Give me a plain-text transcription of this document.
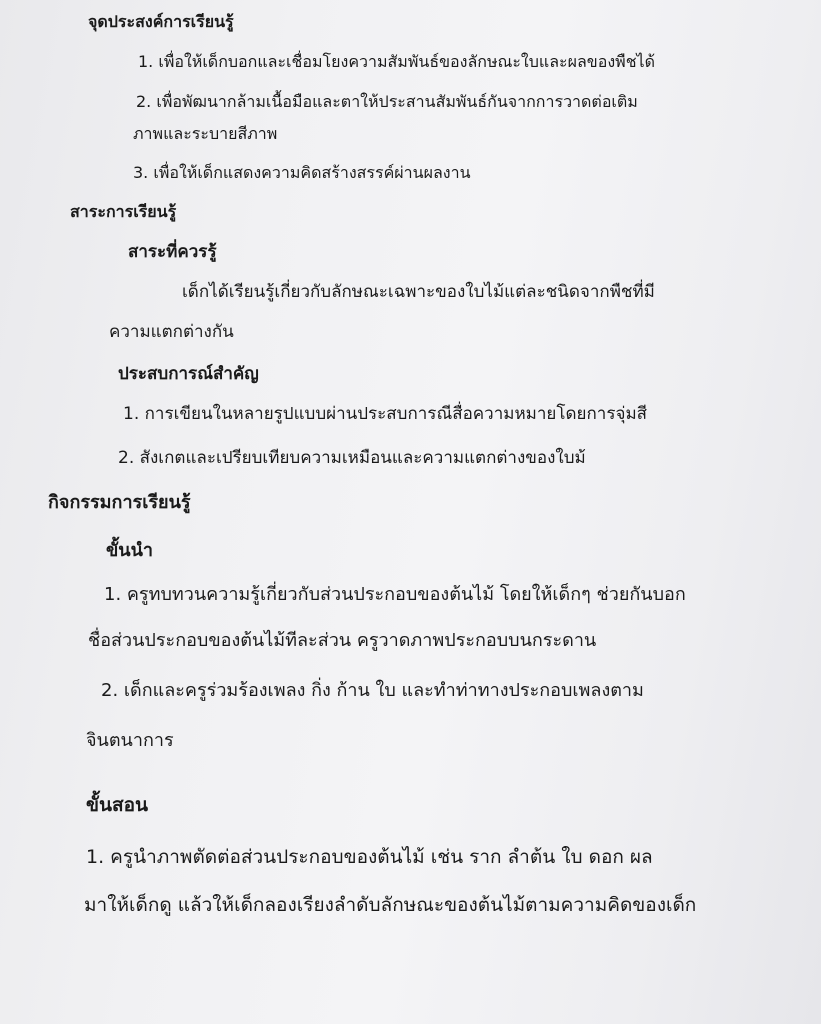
จุดประสงค์การเรียนรู้
1. เพื่อให้เด็กบอกและเชื่อมโยงความสัมพันธ์ของลักษณะใบและผลของพืชได้
2. เพื่อพัฒนากล้ามเนื้อมือและตาให้ประสานสัมพันธ์กันจากการวาดต่อเติม
ภาพและระบายสีภาพ
3. เพื่อให้เด็กแสดงความคิดสร้างสรรค์ผ่านผลงาน
สาระการเรียนรู้
สาระที่ควรรู้
เด็กได้เรียนรู้เกี่ยวกับลักษณะเฉพาะของใบไม้แต่ละชนิดจากพืชที่มี
ความแตกต่างกัน
ประสบการณ์สำคัญ
1. การเขียนในหลายรูปแบบผ่านประสบการณีสื่อความหมายโดยการจุ่มสี
2. สังเกตและเปรียบเทียบความเหมือนและความแตกต่างของใบม้
กิจกรรมการเรียนรู้
ขั้นนำ
1. ครูทบทวนความรู้เกี่ยวกับส่วนประกอบของต้นไม้ โดยให้เด็กๆ ช่วยกันบอก
ชื่อส่วนประกอบของต้นไม้ทีละส่วน ครูวาดภาพประกอบบนกระดาน
2. เด็กและครูร่วมร้องเพลง กิ่ง ก้าน ใบ และทำท่าทางประกอบเพลงตาม
จินตนาการ
ขั้นสอน
1. ครูนำภาพตัดต่อส่วนประกอบของต้นไม้ เช่น ราก ลำต้น ใบ ดอก ผล
มาให้เด็กดู แล้วให้เด็กลองเรียงลำดับลักษณะของต้นไม้ตามความคิดของเด็ก
